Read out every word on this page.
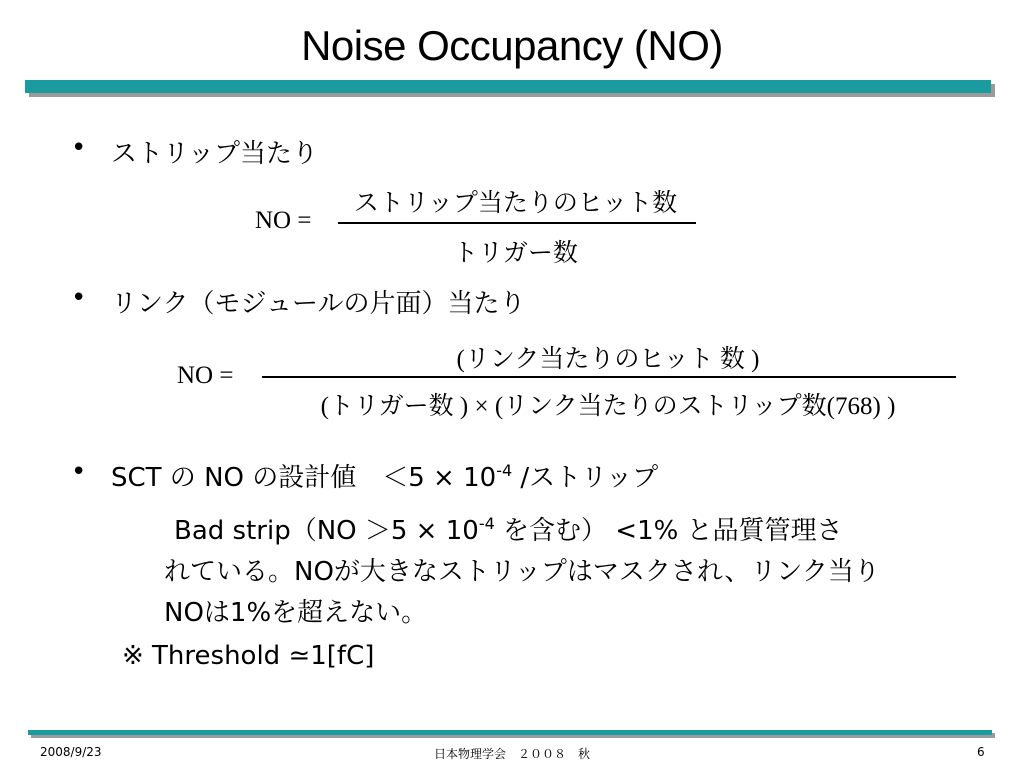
Noise Occupancy (NO)
• ストリップ当たり
NO =
ストリップ当たりのヒット数
トリガー数
• リンク（モジュールの片面）当たり
NO =
(リンク当たりのヒット 数 )
(トリガー数 ) × (リンク当たりのストリップ数(768) )
• SCT の NO の設計値　$<5 \times 10^{-4}$ /ストリップ
Bad strip（NO $>5 \times 10^{-4}$ を含む） <1% と品質管理さ
れている。NOが大きなストリップはマスクされ、リンク当り
NOは1%を超えない。
※ Threshold ≃1[fC]
2008/9/23	日本物理学会　２００８　秋	6
